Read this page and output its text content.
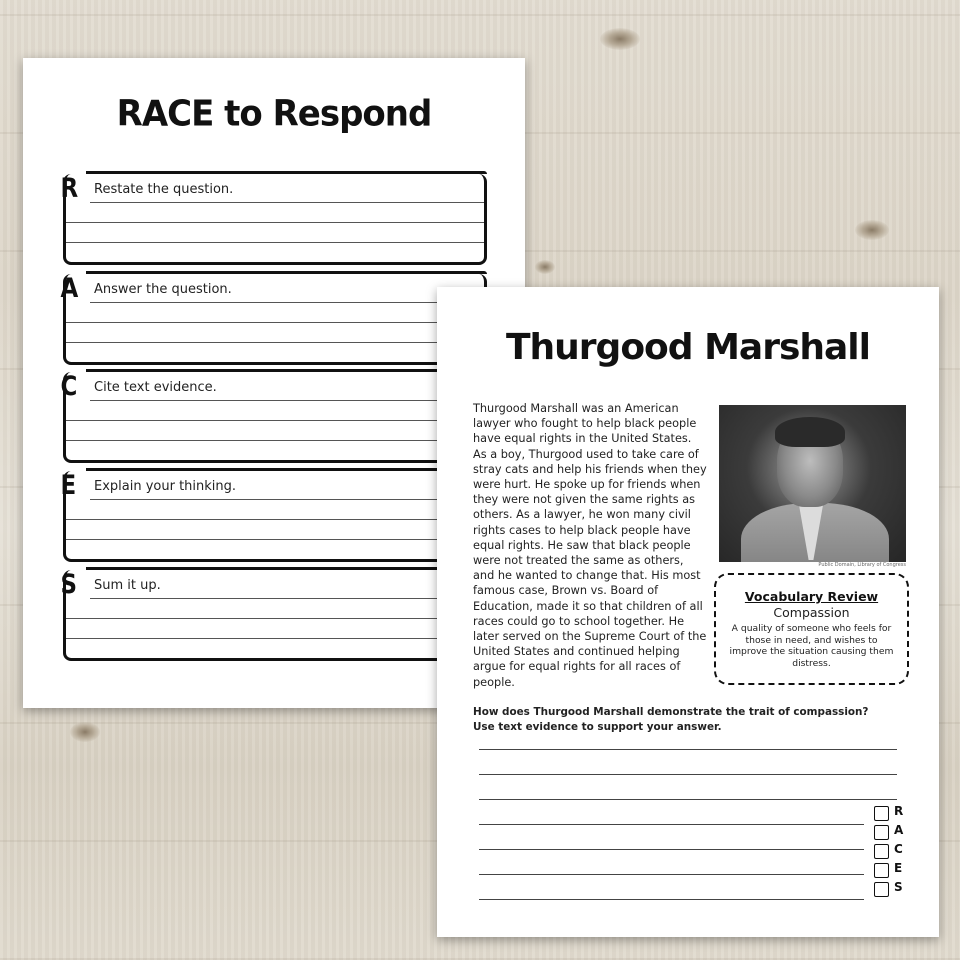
RACE to Respond
Restate the question.
R
Answer the question.
A
Cite text evidence.
C
Explain your thinking.
E
Sum it up.
S
Thurgood Marshall
Thurgood Marshall was an American lawyer who fought to help black people have equal rights in the United States. As a boy, Thurgood used to take care of stray cats and help his friends when they were hurt. He spoke up for friends when they were not given the same rights as others. As a lawyer, he won many civil rights cases to help black people have equal rights. He saw that black people were not treated the same as others, and he wanted to change that. His most famous case, Brown vs. Board of Education, made it so that children of all races could go to school together. He later served on the Supreme Court of the United States and continued helping argue for equal rights for all races of people.
Public Domain, Library of Congress
Vocabulary Review
Compassion
A quality of someone who feels for those in need, and wishes to improve the situation causing them distress.
How does Thurgood Marshall demonstrate the trait of compassion?
Use text evidence to support your answer.
R
A
C
E
S
